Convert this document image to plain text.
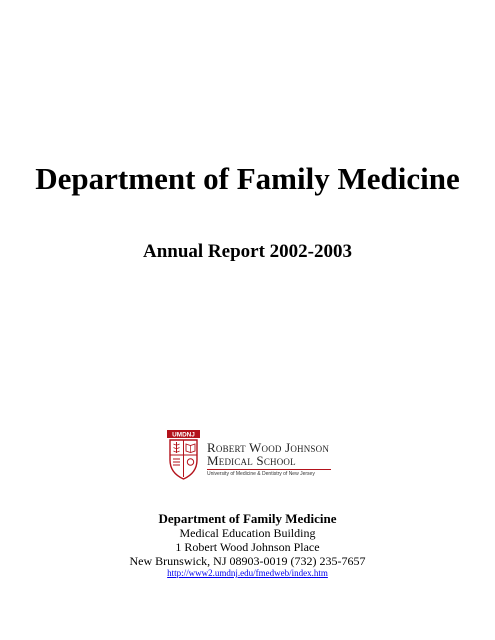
Department of Family Medicine
Annual Report 2002-2003
UMDNJ
Robert Wood Johnson
Medical School
University of Medicine & Dentistry of New Jersey
Department of Family Medicine
Medical Education Building
1 Robert Wood Johnson Place
New Brunswick, NJ 08903-0019 (732) 235-7657
http://www2.umdnj.edu/fmedweb/index.htm
